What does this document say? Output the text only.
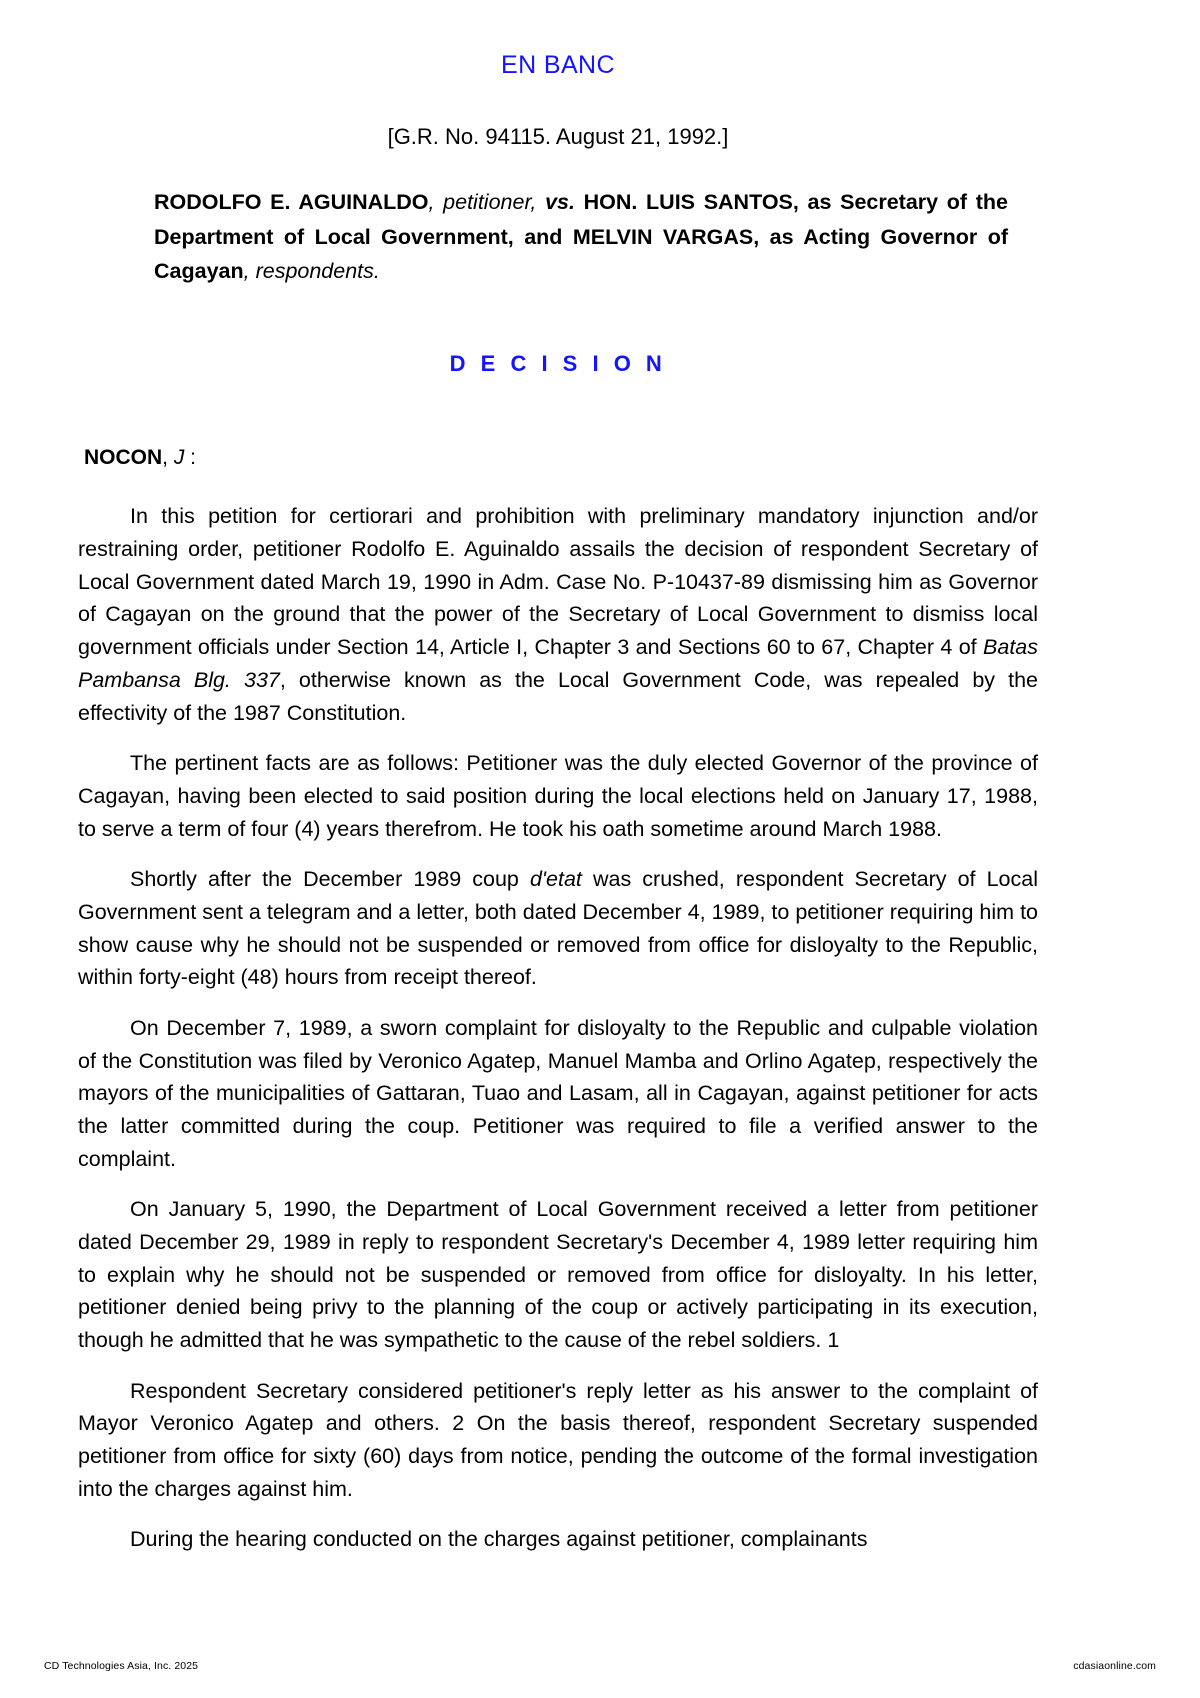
EN BANC
[G.R. No. 94115. August 21, 1992.]
RODOLFO E. AGUINALDO, petitioner, vs. HON. LUIS SANTOS, as Secretary of the Department of Local Government, and MELVIN VARGAS, as Acting Governor of Cagayan, respondents.
D E C I S I O N
NOCON, J :

In this petition for certiorari and prohibition with preliminary mandatory injunction and/or restraining order, petitioner Rodolfo E. Aguinaldo assails the decision of respondent Secretary of Local Government dated March 19, 1990 in Adm. Case No. P-10437-89 dismissing him as Governor of Cagayan on the ground that the power of the Secretary of Local Government to dismiss local government officials under Section 14, Article I, Chapter 3 and Sections 60 to 67, Chapter 4 of Batas Pambansa Blg. 337, otherwise known as the Local Government Code, was repealed by the effectivity of the 1987 Constitution.

The pertinent facts are as follows: Petitioner was the duly elected Governor of the province of Cagayan, having been elected to said position during the local elections held on January 17, 1988, to serve a term of four (4) years therefrom. He took his oath sometime around March 1988.

Shortly after the December 1989 coup d'etat was crushed, respondent Secretary of Local Government sent a telegram and a letter, both dated December 4, 1989, to petitioner requiring him to show cause why he should not be suspended or removed from office for disloyalty to the Republic, within forty-eight (48) hours from receipt thereof.

On December 7, 1989, a sworn complaint for disloyalty to the Republic and culpable violation of the Constitution was filed by Veronico Agatep, Manuel Mamba and Orlino Agatep, respectively the mayors of the municipalities of Gattaran, Tuao and Lasam, all in Cagayan, against petitioner for acts the latter committed during the coup. Petitioner was required to file a verified answer to the complaint.

On January 5, 1990, the Department of Local Government received a letter from petitioner dated December 29, 1989 in reply to respondent Secretary's December 4, 1989 letter requiring him to explain why he should not be suspended or removed from office for disloyalty. In his letter, petitioner denied being privy to the planning of the coup or actively participating in its execution, though he admitted that he was sympathetic to the cause of the rebel soldiers. 1

Respondent Secretary considered petitioner's reply letter as his answer to the complaint of Mayor Veronico Agatep and others. 2 On the basis thereof, respondent Secretary suspended petitioner from office for sixty (60) days from notice, pending the outcome of the formal investigation into the charges against him.

During the hearing conducted on the charges against petitioner, complainants

CD Technologies Asia, Inc. 2025	cdasiaonline.com
